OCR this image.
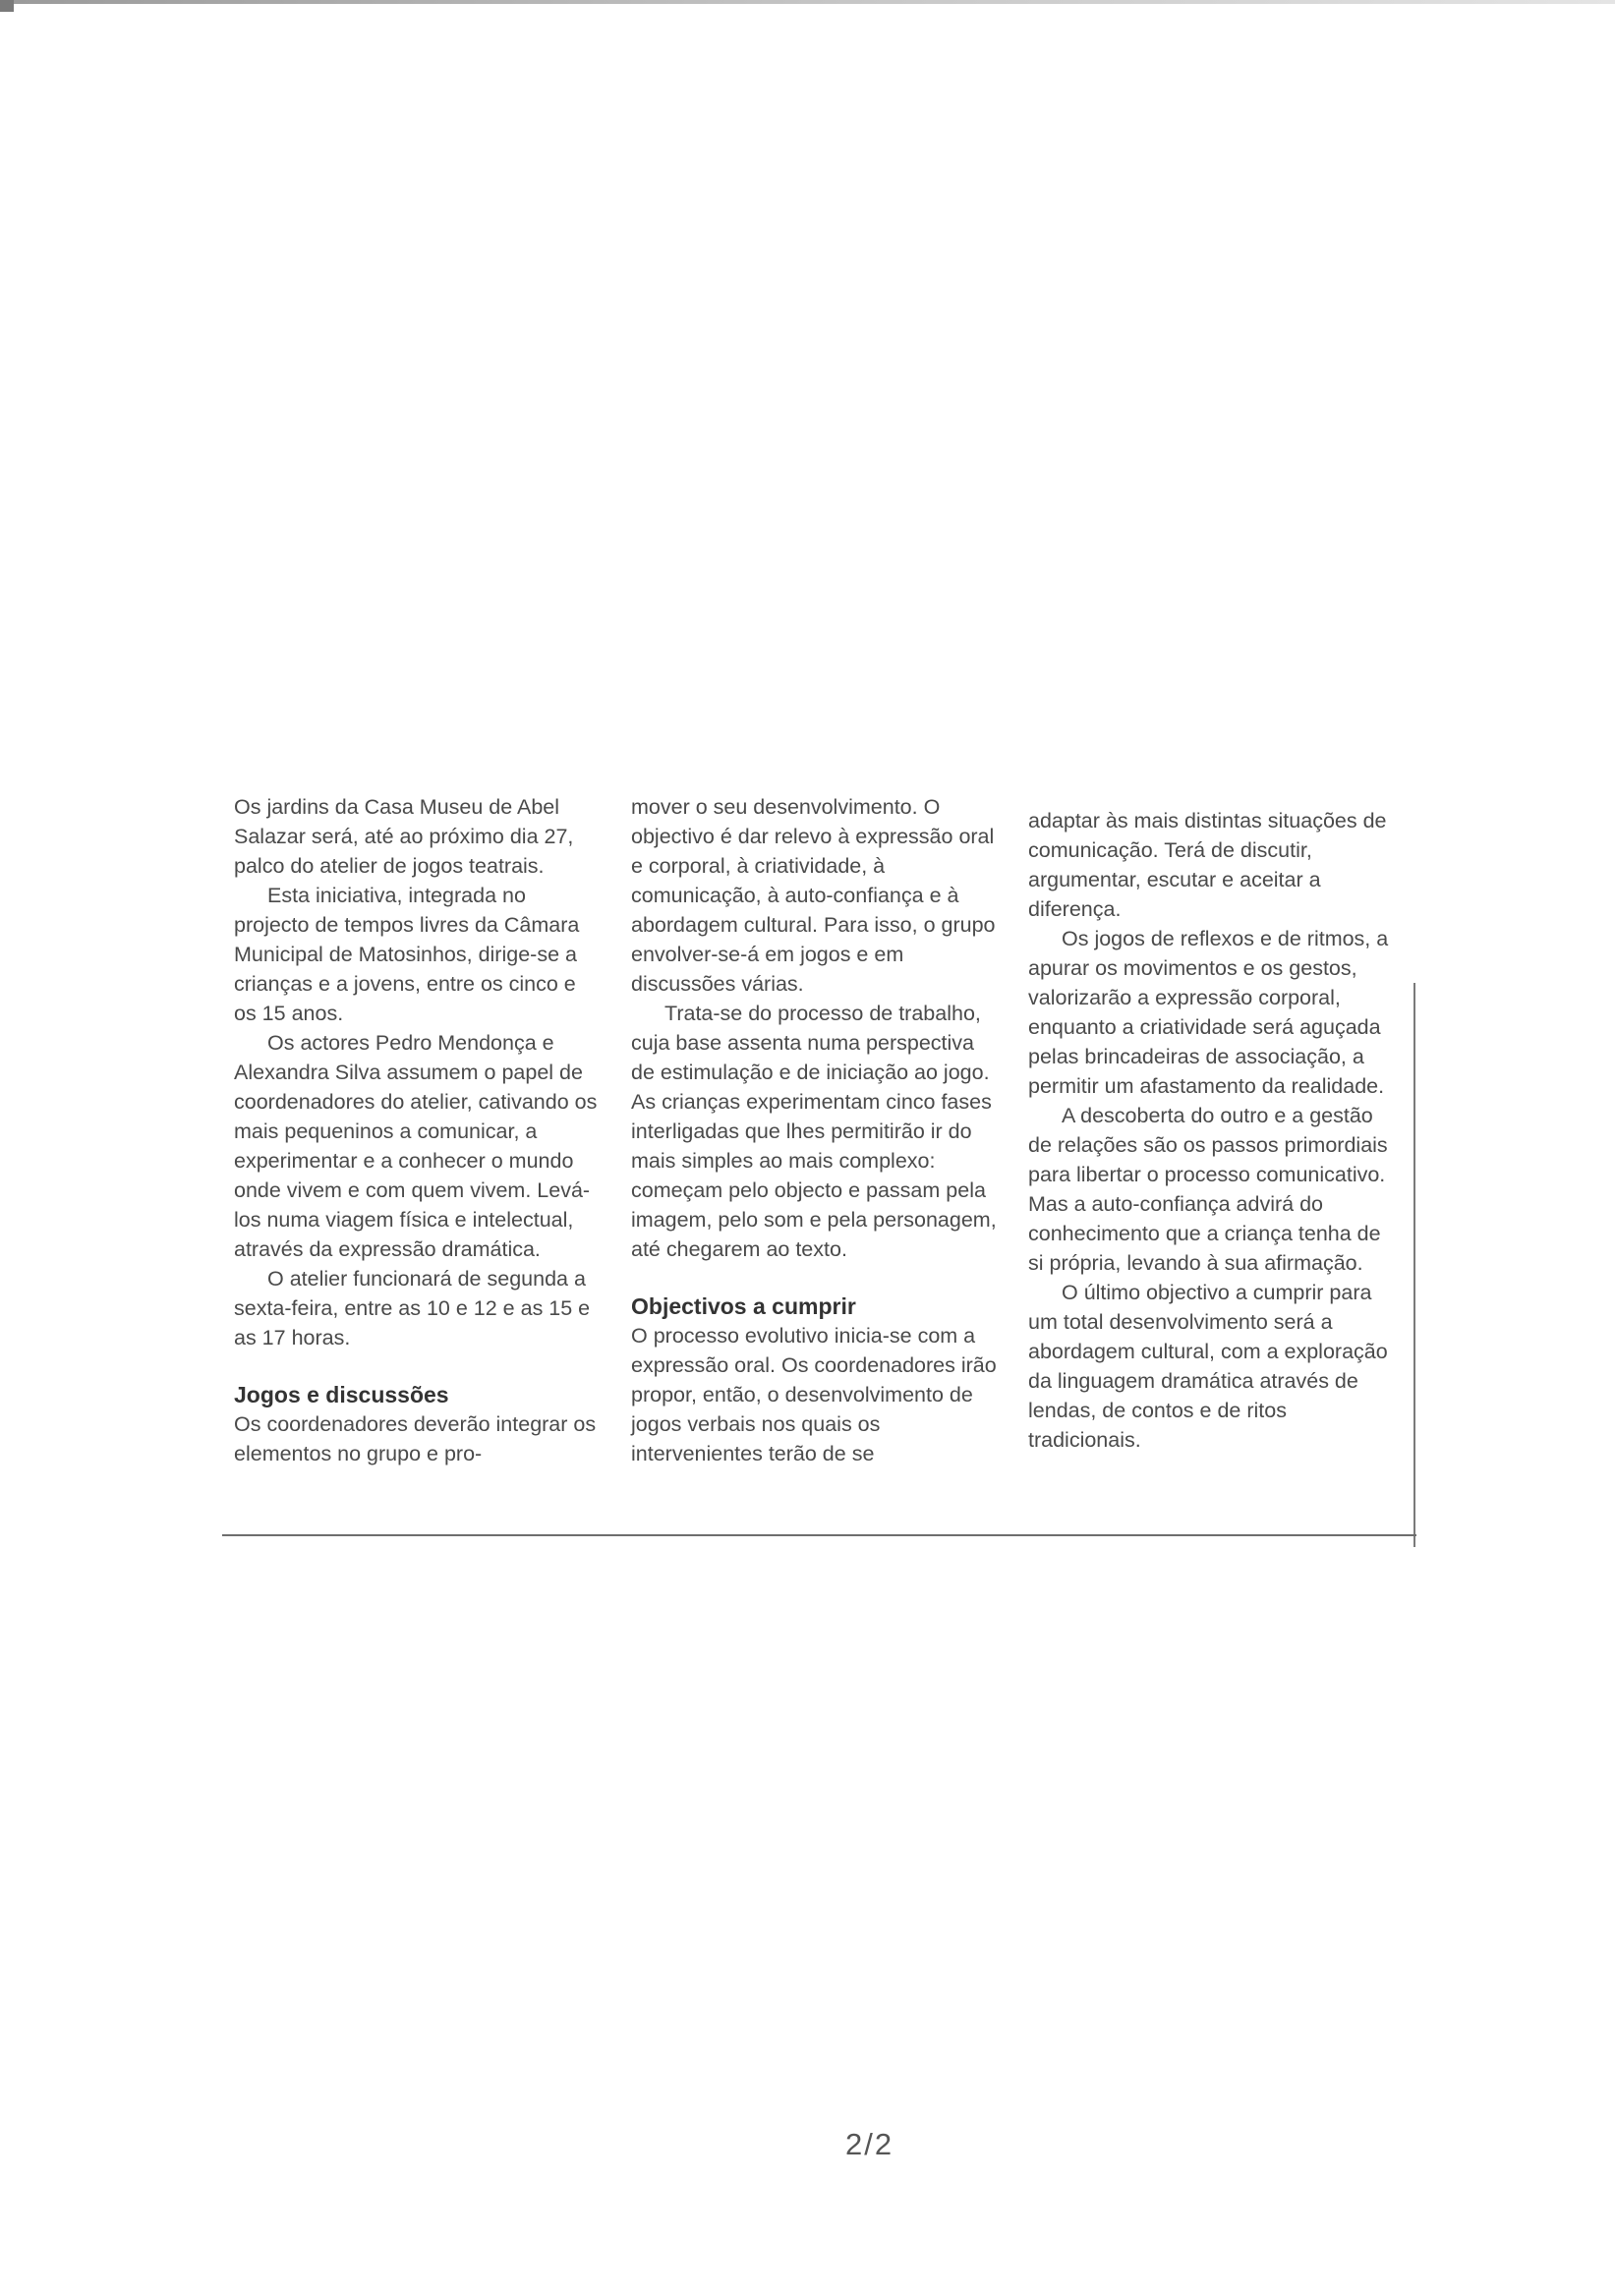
Os jardins da Casa Museu de Abel Salazar será, até ao próximo dia 27, palco do atelier de jogos teatrais.

Esta iniciativa, integrada no projecto de tempos livres da Câmara Municipal de Matosinhos, dirige-se a crianças e a jovens, entre os cinco e os 15 anos.

Os actores Pedro Mendonça e Alexandra Silva assumem o papel de coordenadores do atelier, cativando os mais pequeninos a comunicar, a experimentar e a conhecer o mundo onde vivem e com quem vivem. Levá-los numa viagem física e intelectual, através da expressão dramática.

O atelier funcionará de segunda a sexta-feira, entre as 10 e 12 e as 15 e as 17 horas.

Jogos e discussões

Os coordenadores deverão integrar os elementos no grupo e pro-

mover o seu desenvolvimento. O objectivo é dar relevo à expressão oral e corporal, à criatividade, à comunicação, à auto-confiança e à abordagem cultural. Para isso, o grupo envolver-se-á em jogos e em discussões várias.

Trata-se do processo de trabalho, cuja base assenta numa perspectiva de estimulação e de iniciação ao jogo. As crianças experimentam cinco fases interligadas que lhes permitirão ir do mais simples ao mais complexo: começam pelo objecto e passam pela imagem, pelo som e pela personagem, até chegarem ao texto.

Objectivos a cumprir

O processo evolutivo inicia-se com a expressão oral. Os coordenadores irão propor, então, o desenvolvimento de jogos verbais nos quais os intervenientes terão de se

adaptar às mais distintas situações de comunicação. Terá de discutir, argumentar, escutar e aceitar a diferença.

Os jogos de reflexos e de ritmos, a apurar os movimentos e os gestos, valorizarão a expressão corporal, enquanto a criatividade será aguçada pelas brincadeiras de associação, a permitir um afastamento da realidade.

A descoberta do outro e a gestão de relações são os passos primordiais para libertar o processo comunicativo. Mas a auto-confiança advirá do conhecimento que a criança tenha de si própria, levando à sua afirmação.

O último objectivo a cumprir para um total desenvolvimento será a abordagem cultural, com a exploração da linguagem dramática através de lendas, de contos e de ritos tradicionais.

2/2
